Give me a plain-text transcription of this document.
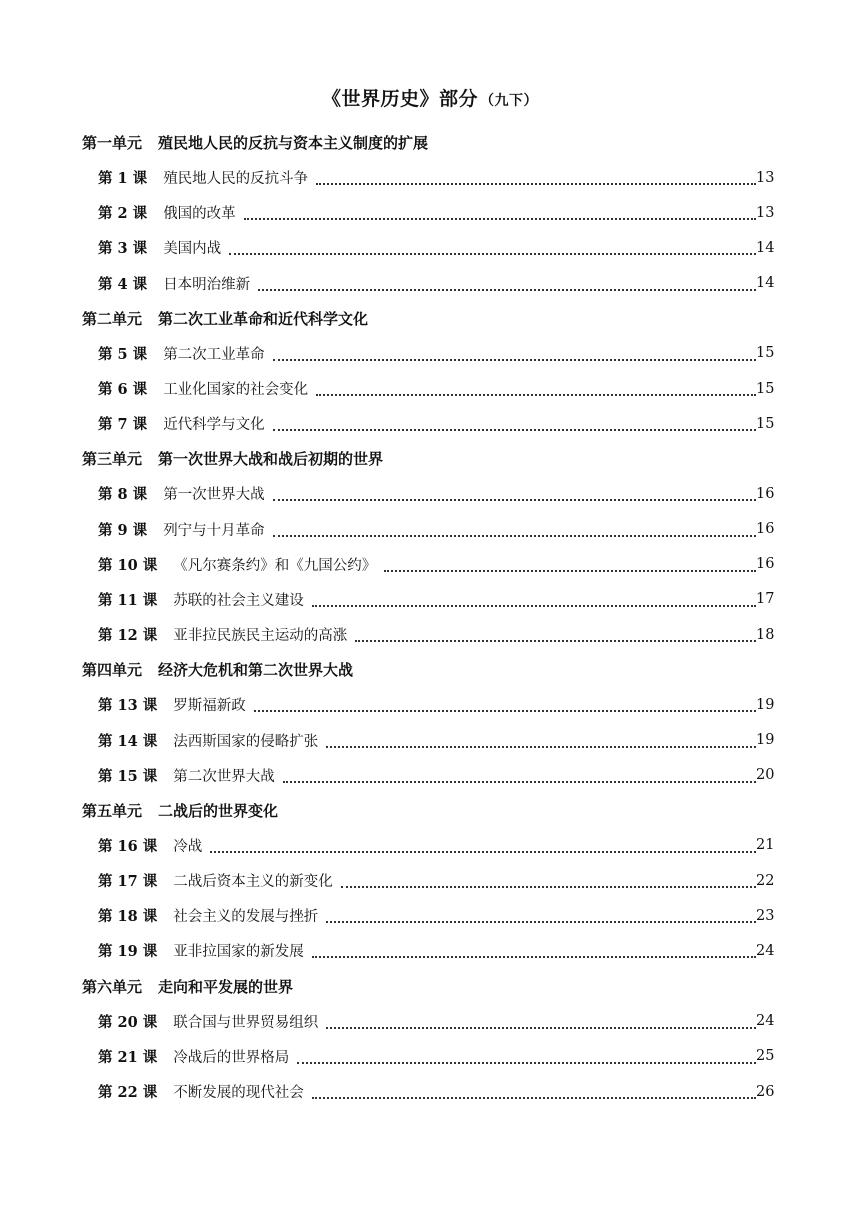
《世界历史》部分 （九下）
第一单元 殖民地人民的反抗与资本主义制度的扩展
第 1 课 殖民地人民的反抗斗争	13
第 2 课 俄国的改革	13
第 3 课 美国内战	14
第 4 课 日本明治维新	14
第二单元 第二次工业革命和近代科学文化
第 5 课 第二次工业革命	15
第 6 课 工业化国家的社会变化	15
第 7 课 近代科学与文化	15
第三单元 第一次世界大战和战后初期的世界
第 8 课 第一次世界大战	16
第 9 课 列宁与十月革命	16
第 10 课 《凡尔赛条约》和《九国公约》	16
第 11 课 苏联的社会主义建设	17
第 12 课 亚非拉民族民主运动的高涨	18
第四单元 经济大危机和第二次世界大战
第 13 课 罗斯福新政	19
第 14 课 法西斯国家的侵略扩张	19
第 15 课 第二次世界大战	20
第五单元 二战后的世界变化
第 16 课 冷战	21
第 17 课 二战后资本主义的新变化	22
第 18 课 社会主义的发展与挫折	23
第 19 课 亚非拉国家的新发展	24
第六单元 走向和平发展的世界
第 20 课 联合国与世界贸易组织	24
第 21 课 冷战后的世界格局	25
第 22 课 不断发展的现代社会	26
